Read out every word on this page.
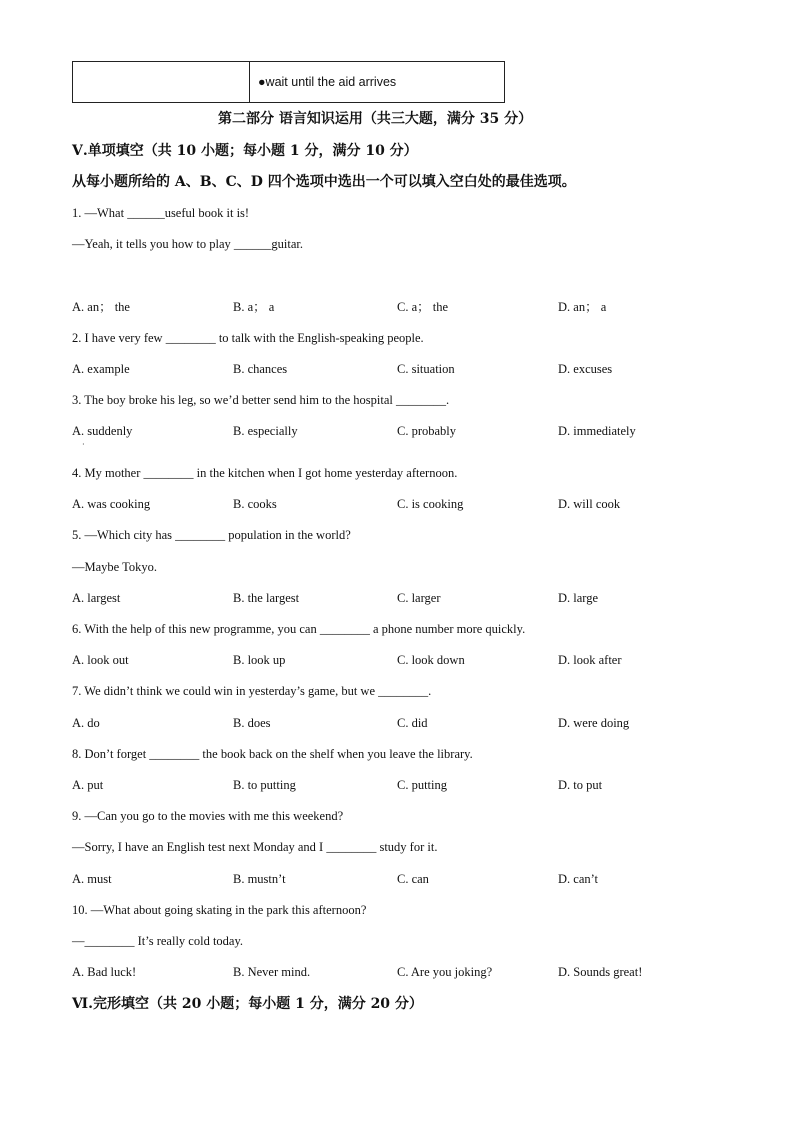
	●wait until the aid arrives
第二部分 语言知识运用（共三大题，满分 35 分）
Ⅴ.单项填空（共 10 小题；每小题 1 分，满分 10 分）
从每小题所给的 A、B、C、D 四个选项中选出一个可以填入空白处的最佳选项。
1. —What ______useful book it is!
—Yeah, it tells you how to play ______guitar.
A. an； the	B. a； a	C. a； the	D. an； a
2. I have very few ________ to talk with the English-speaking people.
A. example	B. chances	C. situation	D. excuses
3. The boy broke his leg, so we’d better send him to the hospital ________.
A. suddenly
·
B. especially	C. probably	D. immediately
4. My mother ________ in the kitchen when I got home yesterday afternoon.
A. was cooking	B. cooks	C. is cooking	D. will cook
5. —Which city has ________ population in the world?
—Maybe Tokyo.
A. largest	B. the largest	C. larger	D. large
6. With the help of this new programme, you can ________ a phone number more quickly.
A. look out	B. look up	C. look down	D. look after
7. We didn’t think we could win in yesterday’s game, but we ________.
A. do	B. does	C. did	D. were doing
8. Don’t forget ________ the book back on the shelf when you leave the library.
A. put	B. to putting	C. putting	D. to put
9. —Can you go to the movies with me this weekend?
—Sorry, I have an English test next Monday and I ________ study for it.
A. must	B. mustn’t	C. can	D. can’t
10. —What about going skating in the park this afternoon?
—________ It’s really cold today.
A. Bad luck!	B. Never mind.	C. Are you joking?	D. Sounds great!
Ⅵ.完形填空（共 20 小题；每小题 1 分，满分 20 分）
